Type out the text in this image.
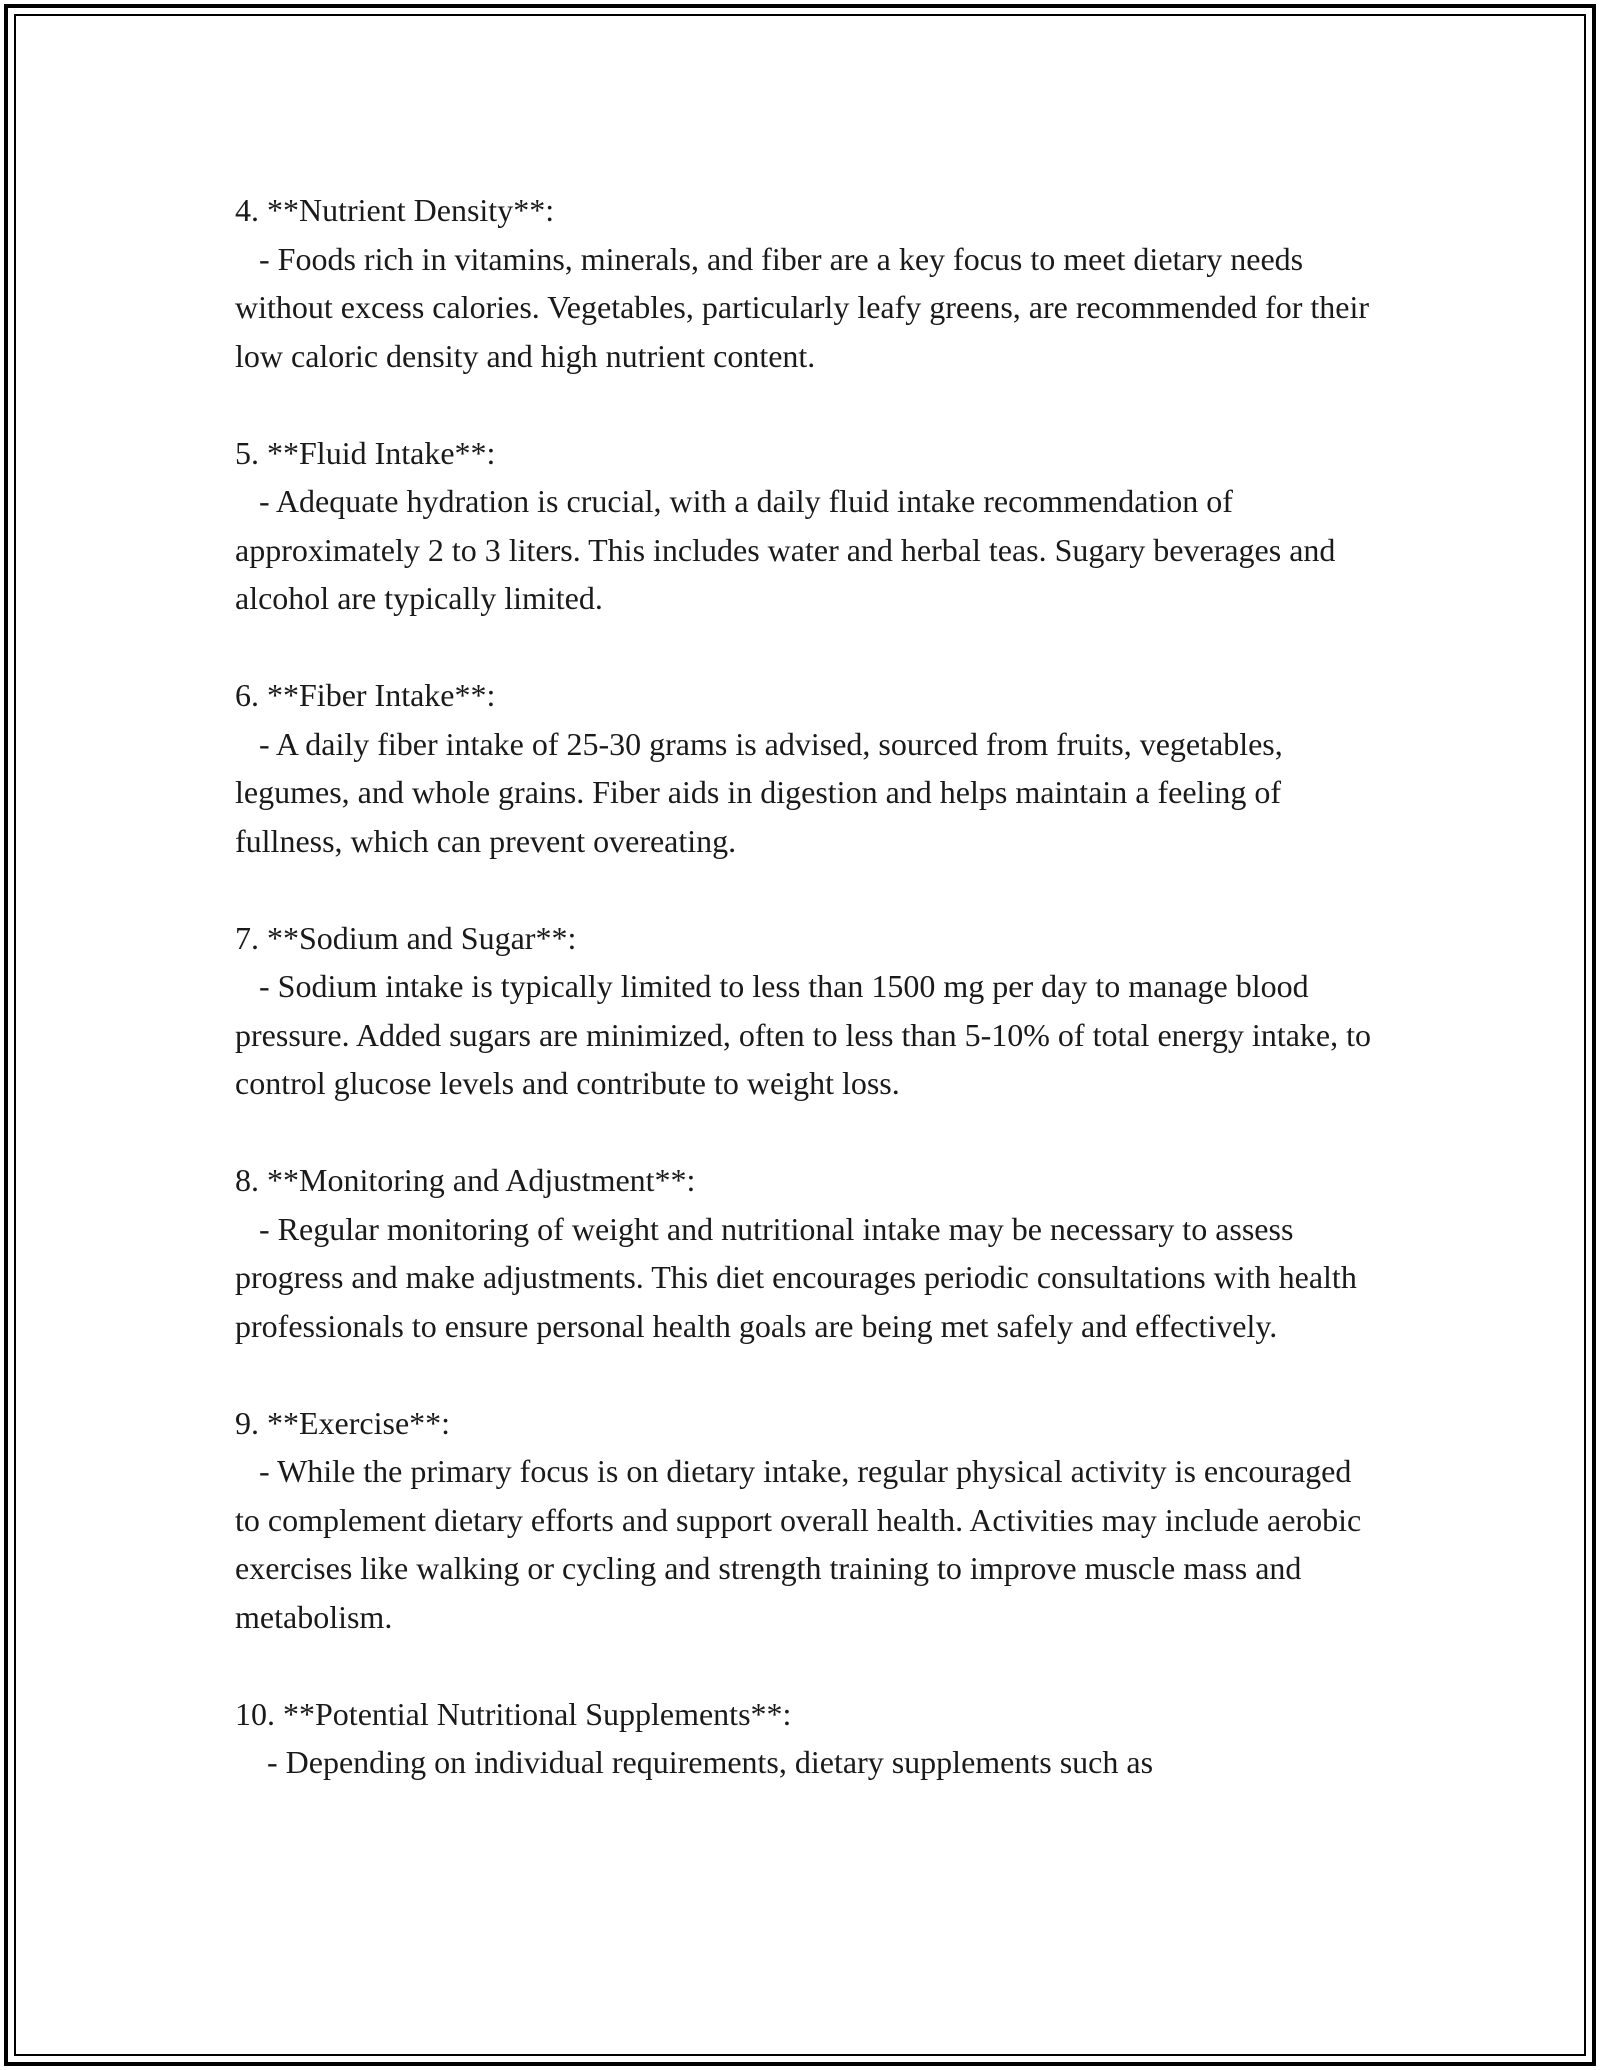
4. **Nutrient Density**:
- Foods rich in vitamins, minerals, and fiber are a key focus to meet dietary needs without excess calories. Vegetables, particularly leafy greens, are recommended for their low caloric density and high nutrient content.
5. **Fluid Intake**:
- Adequate hydration is crucial, with a daily fluid intake recommendation of approximately 2 to 3 liters. This includes water and herbal teas. Sugary beverages and alcohol are typically limited.
6. **Fiber Intake**:
- A daily fiber intake of 25-30 grams is advised, sourced from fruits, vegetables, legumes, and whole grains. Fiber aids in digestion and helps maintain a feeling of fullness, which can prevent overeating.
7. **Sodium and Sugar**:
- Sodium intake is typically limited to less than 1500 mg per day to manage blood pressure. Added sugars are minimized, often to less than 5-10% of total energy intake, to control glucose levels and contribute to weight loss.
8. **Monitoring and Adjustment**:
- Regular monitoring of weight and nutritional intake may be necessary to assess progress and make adjustments. This diet encourages periodic consultations with health professionals to ensure personal health goals are being met safely and effectively.
9. **Exercise**:
- While the primary focus is on dietary intake, regular physical activity is encouraged to complement dietary efforts and support overall health. Activities may include aerobic exercises like walking or cycling and strength training to improve muscle mass and metabolism.
10. **Potential Nutritional Supplements**:
- Depending on individual requirements, dietary supplements such as
